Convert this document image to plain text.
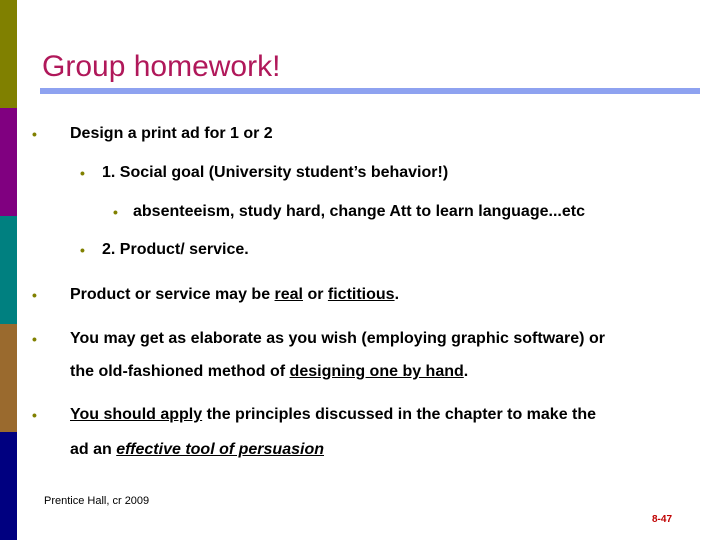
Group homework!
• Design a print ad for 1 or 2
• 1. Social goal (University student’s behavior!)
• absenteeism, study hard, change Att to learn language...etc
• 2. Product/ service.
• Product or service may be real or fictitious.
• You may get as elaborate as you wish (employing graphic software) or
the old-fashioned method of designing one by hand.
• You should apply the principles discussed in the chapter to make the
ad an effective tool of persuasion
Prentice Hall, cr 2009
8-47
